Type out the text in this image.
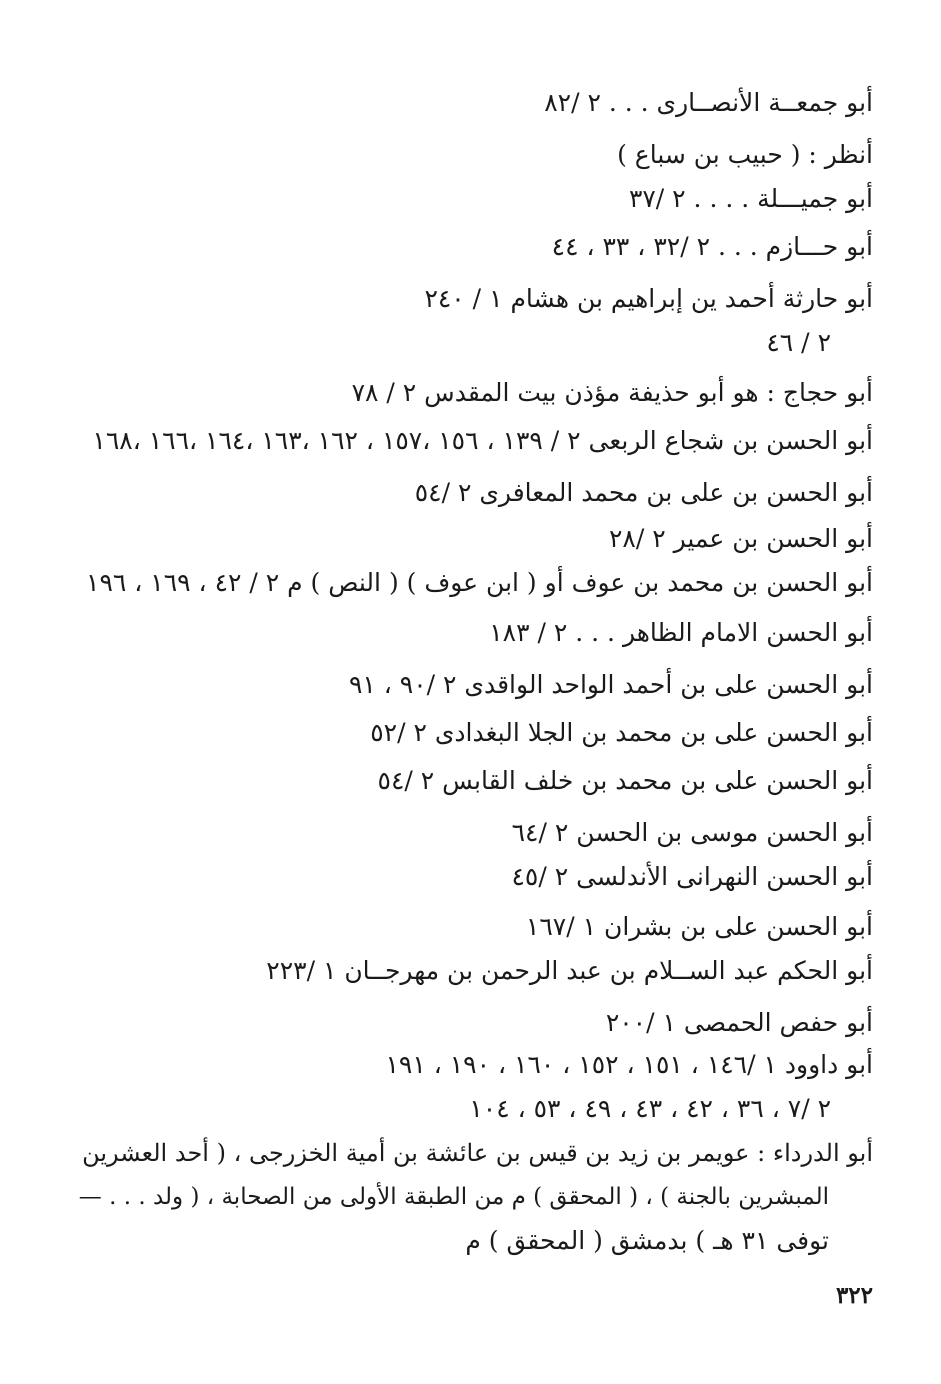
أبو جمعــة الأنصــارى . . . ٢ /٨٢
أنظر : ( حبيب بن سباع )
أبو جميـــلة . . . . ٢ /٣٧
أبو حـــازم . . . ٢ /٣٢ ، ٣٣ ، ٤٤
أبو حارثة أحمد ين إبراهيم بن هشام ١ / ٢٤٠
٢ / ٤٦
أبو حجاج : هو أبو حذيفة مؤذن بيت المقدس ٢ / ٧٨
أبو الحسن بن شجاع الربعى ٢ / ١٣٩ ، ١٥٦ ،١٥٧ ، ١٦٢ ،١٦٣ ،١٦٤ ،١٦٦ ،١٦٨
أبو الحسن بن على بن محمد المعافرى ٢ /٥٤
أبو الحسن بن عمير ٢ /٢٨
أبو الحسن بن محمد بن عوف أو ( ابن عوف ) ( النص ) م ٢ / ٤٢ ، ١٦٩ ، ١٩٦
أبو الحسن الامام الظاهر . . . ٢ / ١٨٣
أبو الحسن على بن أحمد الواحد الواقدى ٢ /٩٠ ، ٩١
أبو الحسن على بن محمد بن الجلا البغدادى ٢ /٥٢
أبو الحسن على بن محمد بن خلف القابس ٢ /٥٤
أبو الحسن موسى بن الحسن ٢ /٦٤
أبو الحسن النهرانى الأندلسى ٢ /٤٥
أبو الحسن على بن بشران ١ /١٦٧
أبو الحكم عبد الســلام بن عبد الرحمن بن مهرجــان ١ /٢٢٣
أبو حفص الحمصى ١ /٢٠٠
أبو داوود ١ /١٤٦ ، ١٥١ ، ١٥٢ ، ١٦٠ ، ١٩٠ ، ١٩١
٢ /٧ ، ٣٦ ، ٤٢ ، ٤٣ ، ٤٩ ، ٥٣ ، ١٠٤
أبو الدرداء : عويمر بن زيد بن قيس بن عائشة بن أمية الخزرجى ، ( أحد العشرين
المبشرين بالجنة ) ، ( المحقق ) م من الطبقة الأولى من الصحابة ، ( ولد . . . —
توفى ٣١ هـ ) بدمشق ( المحقق ) م
٣٢٢
